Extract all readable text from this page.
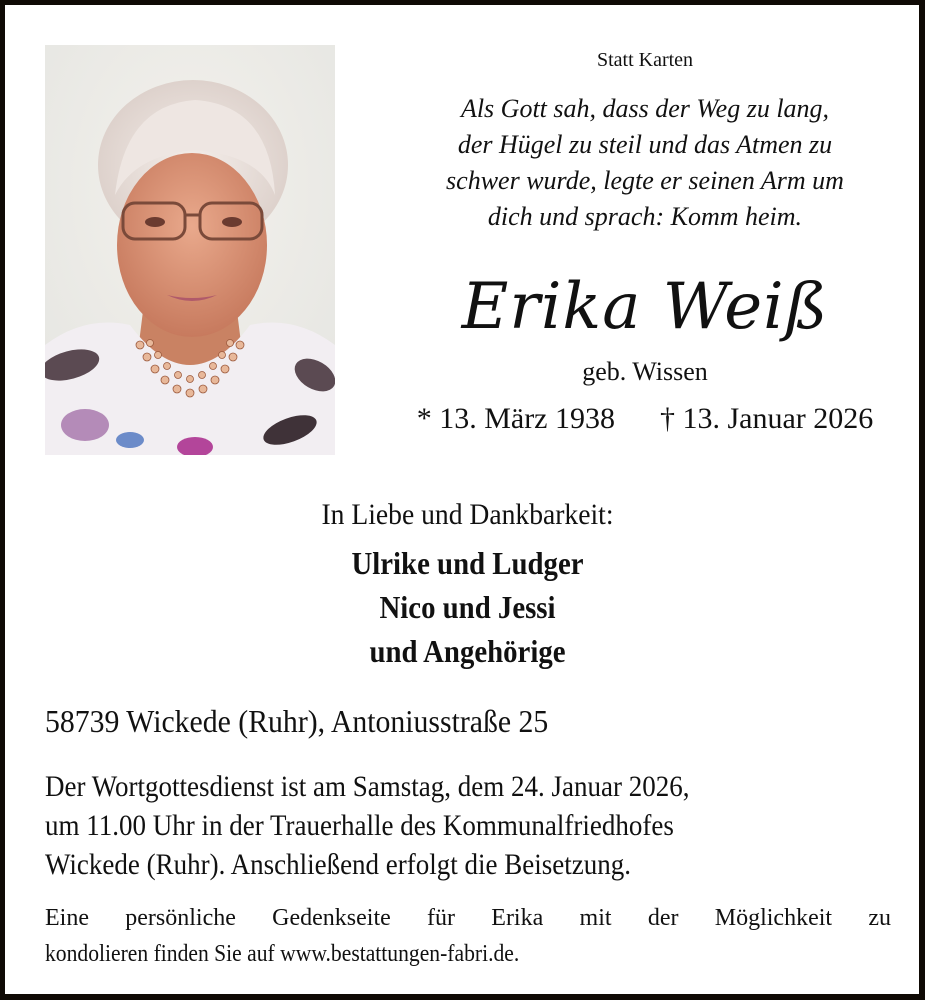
Statt Karten
Als Gott sah, dass der Weg zu lang,
der Hügel zu steil und das Atmen zu
schwer wurde, legte er seinen Arm um
dich und sprach: Komm heim.
Erika Weiß
geb. Wissen
* 13. März 1938 † 13. Januar 2026
In Liebe und Dankbarkeit:
Ulrike und Ludger
Nico und Jessi
und Angehörige
58739 Wickede (Ruhr), Antoniusstraße 25
Der Wortgottesdienst ist am Samstag, dem 24. Januar 2026,
um 11.00 Uhr in der Trauerhalle des Kommunalfriedhofes
Wickede (Ruhr). Anschließend erfolgt die Beisetzung.
Eine persönliche Gedenkseite für Erika mit der Möglichkeit zu
kondolieren finden Sie auf www.bestattungen-fabri.de.
